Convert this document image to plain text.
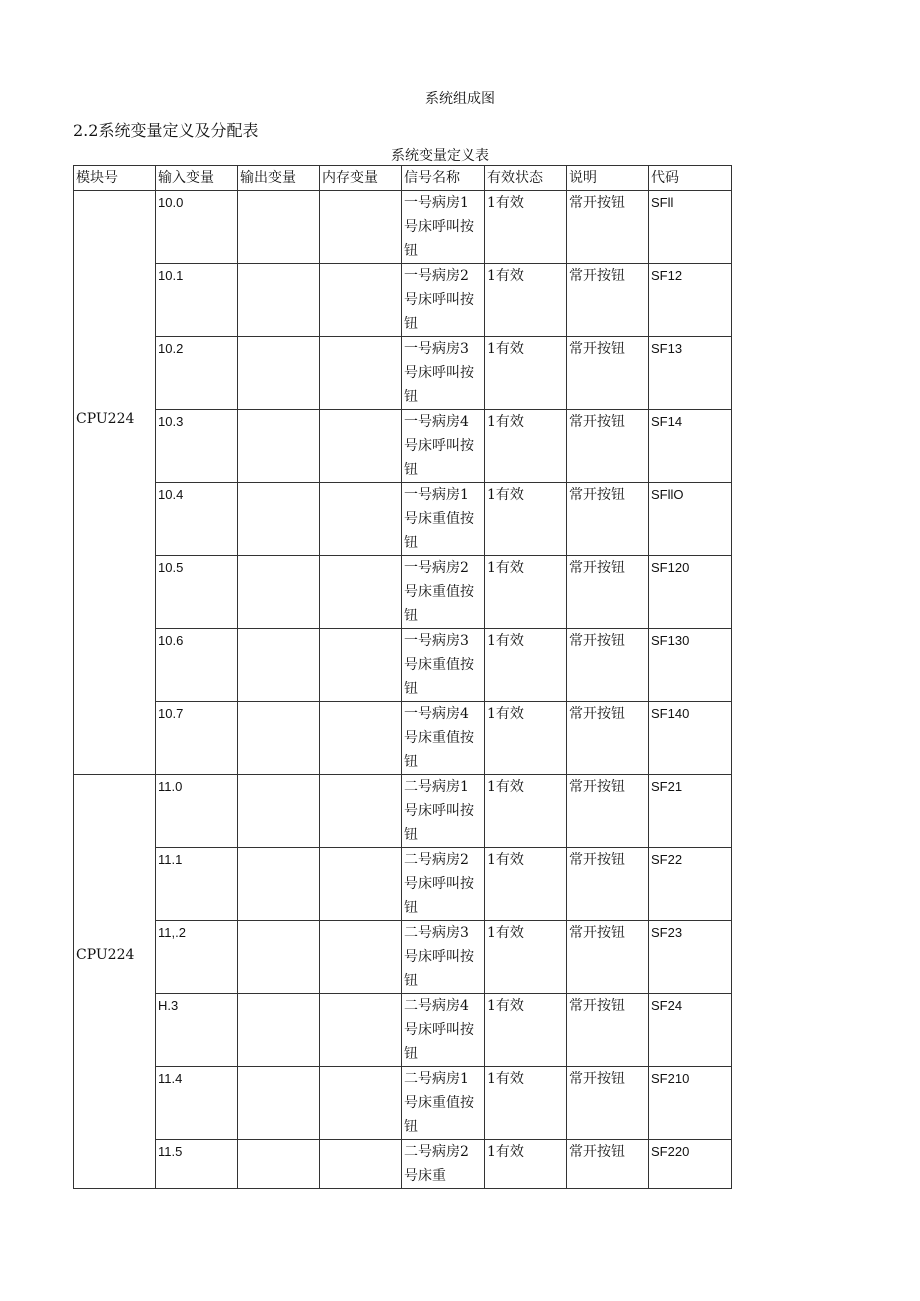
系统组成图
2.2系统变量定义及分配表
系统变量定义表
模块号	输入变量	输出变量	内存变量	信号名称	有效状态	说明	代码

CPU224	10.0			一号病房1号床呼叫按钮	1有效	常开按钮	SFll
	10.1			一号病房2号床呼叫按钮	1有效	常开按钮	SF12
	10.2			一号病房3号床呼叫按钮	1有效	常开按钮	SF13
	10.3			一号病房4号床呼叫按钮	1有效	常开按钮	SF14
	10.4			一号病房1号床重值按钮	1有效	常开按钮	SFllO
	10.5			一号病房2号床重值按钮	1有效	常开按钮	SF120
	10.6			一号病房3号床重值按钮	1有效	常开按钮	SF130
	10.7			一号病房4号床重值按钮	1有效	常开按钮	SF140

CPU224	11.0			二号病房1号床呼叫按钮	1有效	常开按钮	SF21
	11.1			二号病房2号床呼叫按钮	1有效	常开按钮	SF22
	11,.2			二号病房3号床呼叫按钮	1有效	常开按钮	SF23
	H.3			二号病房4号床呼叫按钮	1有效	常开按钮	SF24
	11.4			二号病房1号床重值按钮	1有效	常开按钮	SF210
	11.5			二号病房2号床重	1有效	常开按钮	SF220
